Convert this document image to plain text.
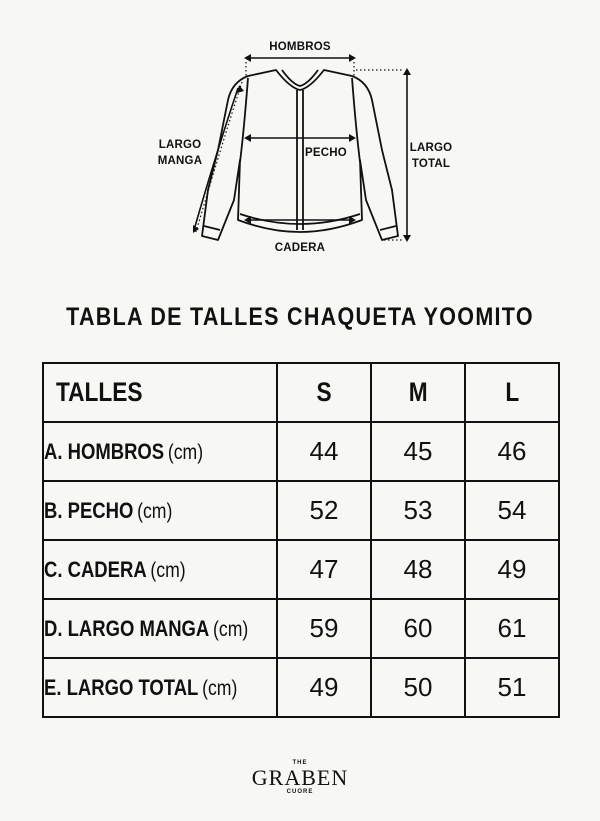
HOMBROS
PECHO
CADERA
LARGO
MANGA
LARGO
TOTAL
TABLA DE TALLES CHAQUETA YOOMITO
TALLES	S	M	L
A. HOMBROS (cm)	44	45	46
B. PECHO (cm)	52	53	54
C. CADERA (cm)	47	48	49
D. LARGO MANGA (cm)	59	60	61
E. LARGO TOTAL (cm)	49	50	51
THE
GRABEN
CUORE
